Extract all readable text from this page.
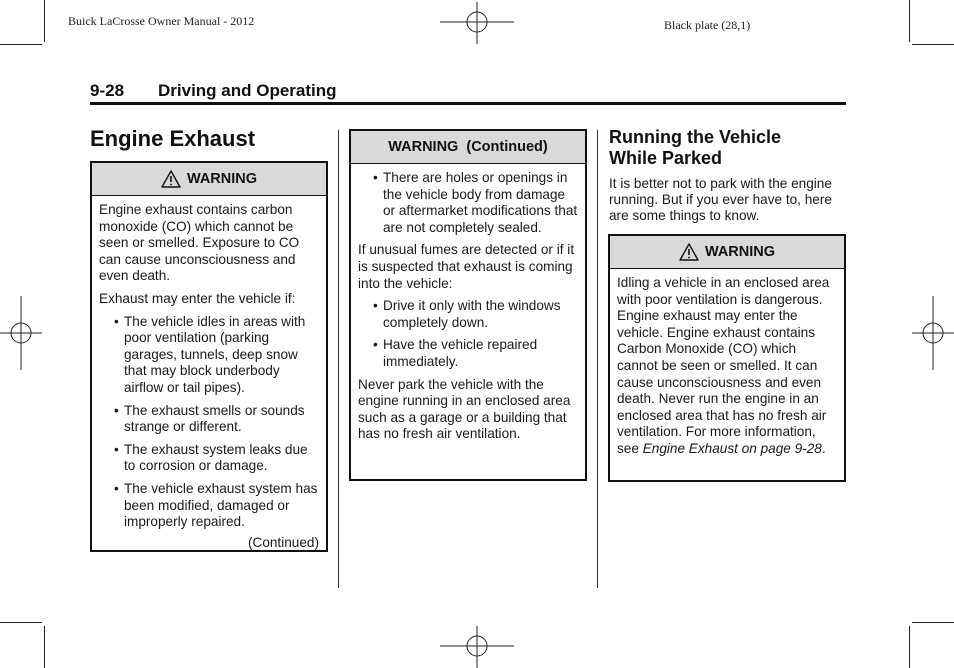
Buick LaCrosse Owner Manual - 2012	Black plate (28,1)
9-28 Driving and Operating
Engine Exhaust
WARNING

Engine exhaust contains carbon monoxide (CO) which cannot be seen or smelled. Exposure to CO can cause unconsciousness and even death.

Exhaust may enter the vehicle if:

• The vehicle idles in areas with poor ventilation (parking garages, tunnels, deep snow that may block underbody airflow or tail pipes).
• The exhaust smells or sounds strange or different.
• The exhaust system leaks due to corrosion or damage.
• The vehicle exhaust system has been modified, damaged or improperly repaired.
(Continued)
WARNING  (Continued)
• There are holes or openings in the vehicle body from damage or aftermarket modifications that are not completely sealed.

If unusual fumes are detected or if it is suspected that exhaust is coming into the vehicle:

• Drive it only with the windows completely down.
• Have the vehicle repaired immediately.

Never park the vehicle with the engine running in an enclosed area such as a garage or a building that has no fresh air ventilation.

Running the Vehicle While Parked
It is better not to park with the engine running. But if you ever have to, here are some things to know.
WARNING

Idling a vehicle in an enclosed area with poor ventilation is dangerous. Engine exhaust may enter the vehicle. Engine exhaust contains Carbon Monoxide (CO) which cannot be seen or smelled. It can cause unconsciousness and even death. Never run the engine in an enclosed area that has no fresh air ventilation. For more information, see Engine Exhaust on page 9-28.
